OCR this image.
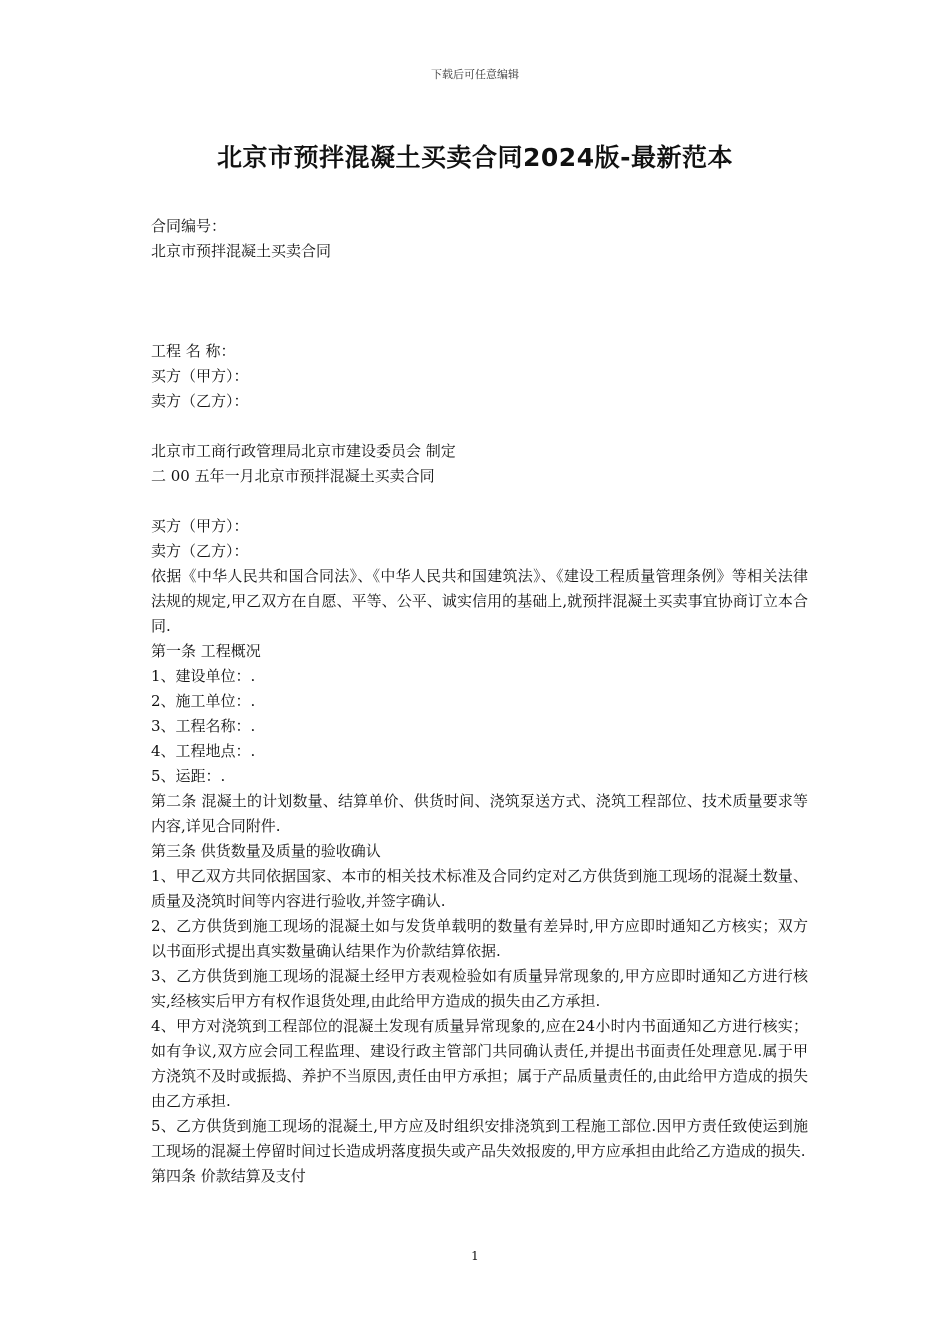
下载后可任意编辑
北京市预拌混凝土买卖合同2024版-最新范本

合同编号：

北京市预拌混凝土买卖合同

工程 名 称：

买方（甲方）：

卖方（乙方）：

北京市工商行政管理局北京市建设委员会 制定

二 00 五年一月北京市预拌混凝土买卖合同

买方（甲方）：

卖方（乙方）：

依据《中华人民共和国合同法》、《中华人民共和国建筑法》、《建设工程质量管理条例》等相关法律法规的规定,甲乙双方在自愿、平等、公平、诚实信用的基础上,就预拌混凝土买卖事宜协商订立本合同.

第一条 工程概况

1、建设单位：.

2、施工单位：.

3、工程名称：.

4、工程地点：.

5、运距：.

第二条 混凝土的计划数量、结算单价、供货时间、浇筑泵送方式、浇筑工程部位、技术质量要求等内容,详见合同附件.

第三条 供货数量及质量的验收确认

1、甲乙双方共同依据国家、本市的相关技术标准及合同约定对乙方供货到施工现场的混凝土数量、质量及浇筑时间等内容进行验收,并签字确认.

2、乙方供货到施工现场的混凝土如与发货单载明的数量有差异时,甲方应即时通知乙方核实；双方以书面形式提出真实数量确认结果作为价款结算依据.

3、乙方供货到施工现场的混凝土经甲方表观检验如有质量异常现象的,甲方应即时通知乙方进行核实,经核实后甲方有权作退货处理,由此给甲方造成的损失由乙方承担.

4、甲方对浇筑到工程部位的混凝土发现有质量异常现象的,应在24小时内书面通知乙方进行核实；如有争议,双方应会同工程监理、建设行政主管部门共同确认责任,并提出书面责任处理意见.属于甲方浇筑不及时或振捣、养护不当原因,责任由甲方承担；属于产品质量责任的,由此给甲方造成的损失由乙方承担.

5、乙方供货到施工现场的混凝土,甲方应及时组织安排浇筑到工程施工部位.因甲方责任致使运到施工现场的混凝土停留时间过长造成坍落度损失或产品失效报废的,甲方应承担由此给乙方造成的损失.

第四条 价款结算及支付

1
